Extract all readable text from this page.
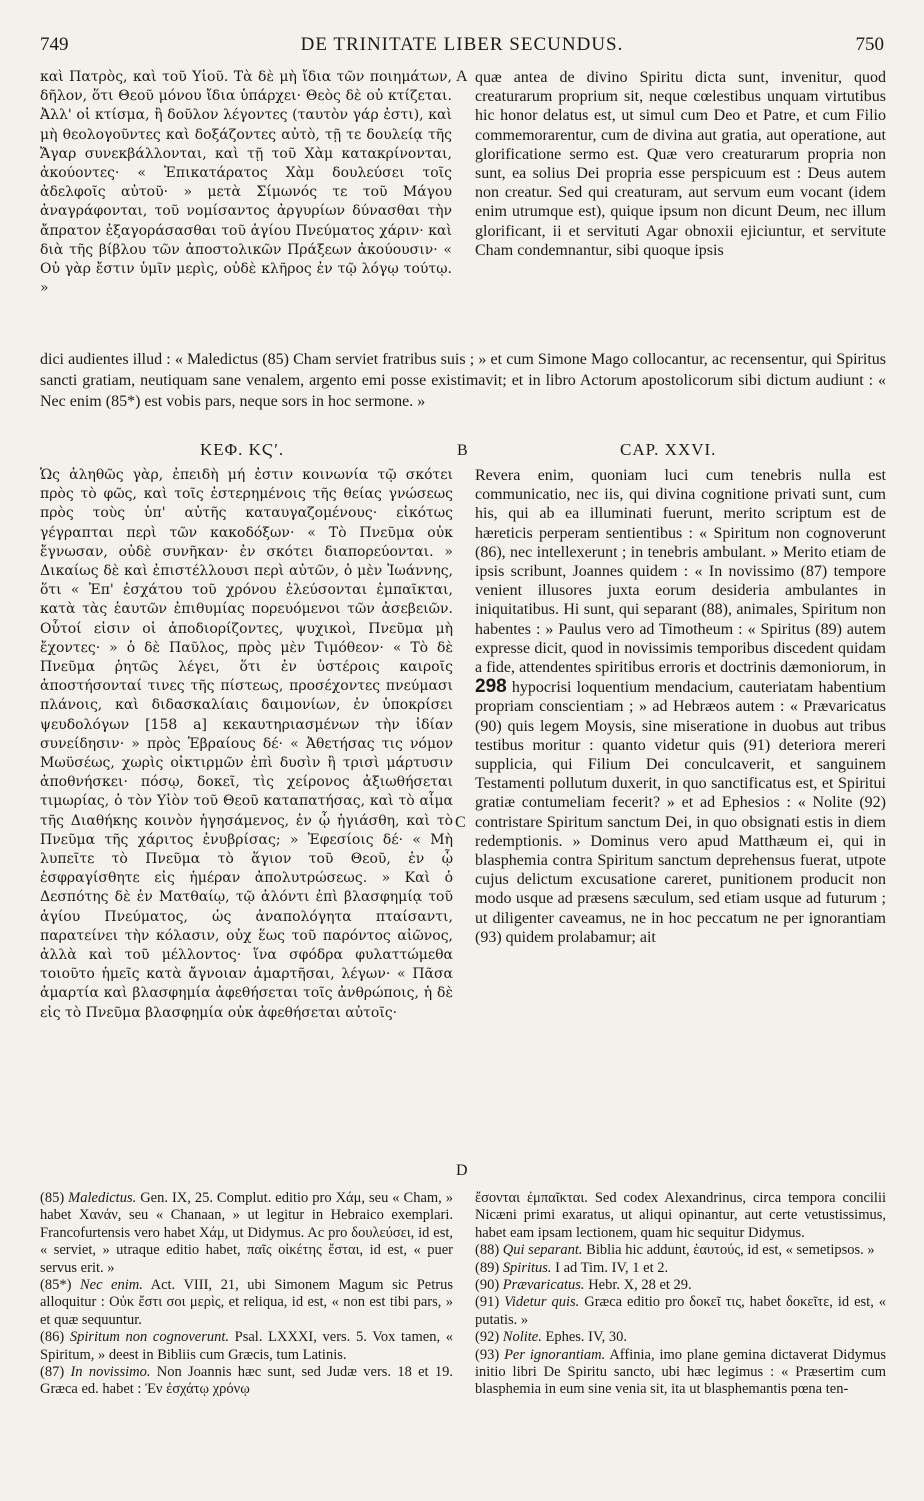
749	DE TRINITATE LIBER SECUNDUS.	750
καὶ Πατρὸς, καὶ τοῦ Υἱοῦ. Τὰ δὲ μὴ ἴδια τῶν ποιημάτων, δῆλον, ὅτι Θεοῦ μόνου ἴδια ὑπάρχει· Θεὸς δὲ οὐ κτίζεται. Ἀλλ' οἱ κτίσμα, ἢ δοῦλον λέγοντες (ταυτὸν γάρ ἐστι), καὶ μὴ θεολογοῦντες καὶ δοξάζοντες αὐτὸ, τῇ τε δουλείᾳ τῆς Ἄγαρ συνεκβάλλονται, καὶ τῇ τοῦ Χὰμ κατακρίνονται, ἀκούοντες· « Ἐπικατάρατος Χὰμ δουλεύσει τοῖς ἀδελφοῖς αὐτοῦ· » μετὰ Σίμωνός τε τοῦ Μάγου ἀναγράφονται, τοῦ νομίσαντος ἀργυρίων δύνασθαι τὴν ἄπρατον ἐξαγοράσασθαι τοῦ ἁγίου Πνεύματος χάριν· καὶ διὰ τῆς βίβλου τῶν ἀποστολικῶν Πράξεων ἀκούουσιν· « Οὐ γὰρ ἔστιν ὑμῖν μερὶς, οὐδὲ κλῆρος ἐν τῷ λόγῳ τούτῳ. »
A quæ antea de divino Spiritu dicta sunt, invenitur, quod creaturarum proprium sit, neque cœlestibus unquam virtutibus hic honor delatus est, ut simul cum Deo et Patre, et cum Filio commemorarentur, cum de divina aut gratia, aut operatione, aut glorificatione sermo est. Quæ vero creaturarum propria non sunt, ea solius Dei propria esse perspicuum est : Deus autem non creatur. Sed qui creaturam, aut servum eum vocant (idem enim utrumque est), quique ipsum non dicunt Deum, nec illum glorificant, ii et servituti Agar obnoxii ejiciuntur, et servitute Cham condemnantur, sibi quoque ipsis
dici audientes illud : « Maledictus (85) Cham serviet fratribus suis ; » et cum Simone Mago collocantur, ac recensentur, qui Spiritus sancti gratiam, neutiquam sane venalem, argento emi posse existimavit; et in libro Actorum apostolicorum sibi dictum audiunt : « Nec enim (85*) est vobis pars, neque sors in hoc sermone. »
ΚΕΦ. ΚϚʹ.	B	CAP. XXVI.
Ὡς ἀληθῶς γὰρ, ἐπειδὴ μή ἐστιν κοινωνία τῷ σκότει πρὸς τὸ φῶς, καὶ τοῖς ἐστερημένοις τῆς θείας γνώσεως πρὸς τοὺς ὑπ' αὐτῆς καταυγαζομένους· εἰκότως γέγραπται περὶ τῶν κακοδόξων· « Τὸ Πνεῦμα οὐκ ἔγνωσαν, οὐδὲ συνῆκαν· ἐν σκότει διαπορεύονται. » Δικαίως δὲ καὶ ἐπιστέλλουσι περὶ αὐτῶν, ὁ μὲν Ἰωάννης, ὅτι « Ἐπ' ἐσχάτου τοῦ χρόνου ἐλεύσονται ἐμπαῖκται, κατὰ τὰς ἑαυτῶν ἐπιθυμίας πορευόμενοι τῶν ἀσεβειῶν. Οὗτοί εἰσιν οἱ ἀποδιορίζοντες, ψυχικοὶ, Πνεῦμα μὴ ἔχοντες· » ὁ δὲ Παῦλος, πρὸς μὲν Τιμόθεον· « Τὸ δὲ Πνεῦμα ῥητῶς λέγει, ὅτι ἐν ὑστέροις καιροῖς ἀποστήσονταί τινες τῆς πίστεως, προσέχοντες πνεύμασι πλάνοις, καὶ διδασκαλίαις δαιμονίων, ἐν ὑποκρίσει ψευδολόγων [158 a] κεκαυτηριασμένων τὴν ἰδίαν συνείδησιν· » πρὸς Ἑβραίους δέ· « Ἀθετήσας τις νόμον Μωϋσέως, χωρὶς οἰκτιρμῶν ἐπὶ δυσὶν ἢ τρισὶ μάρτυσιν ἀποθνήσκει· πόσῳ, δοκεῖ, τὶς χείρονος ἀξιωθήσεται τιμωρίας, ὁ τὸν Υἱὸν τοῦ Θεοῦ καταπατήσας, καὶ τὸ αἷμα τῆς Διαθήκης κοινὸν ἡγησάμενος, ἐν ᾧ ἡγιάσθη, καὶ τὸ Πνεῦμα τῆς χάριτος ἐνυβρίσας; » Ἐφεσίοις δέ· « Μὴ λυπεῖτε τὸ Πνεῦμα τὸ ἅγιον τοῦ Θεοῦ, ἐν ᾧ ἐσφραγίσθητε εἰς ἡμέραν ἀπολυτρώσεως. » Καὶ ὁ Δεσπότης δὲ ἐν Ματθαίῳ, τῷ ἁλόντι ἐπὶ βλασφημίᾳ τοῦ ἁγίου Πνεύματος, ὡς ἀναπολόγητα πταίσαντι, παρατείνει τὴν κόλασιν, οὐχ ἕως τοῦ παρόντος αἰῶνος, ἀλλὰ καὶ τοῦ μέλλοντος· ἵνα σφόδρα φυλαττώμεθα τοιοῦτο ἡμεῖς κατὰ ἄγνοιαν ἁμαρτῆσαι, λέγων· « Πᾶσα ἁμαρτία καὶ βλασφημία ἀφεθήσεται τοῖς ἀνθρώποις, ἡ δὲ εἰς τὸ Πνεῦμα βλασφημία οὐκ ἀφεθήσεται αὐτοῖς·
C
D
Revera enim, quoniam luci cum tenebris nulla est communicatio, nec iis, qui divina cognitione privati sunt, cum his, qui ab ea illuminati fuerunt, merito scriptum est de hæreticis perperam sentientibus : « Spiritum non cognoverunt (86), nec intellexerunt ; in tenebris ambulant. » Merito etiam de ipsis scribunt, Joannes quidem : « In novissimo (87) tempore venient illusores juxta eorum desideria ambulantes in iniquitatibus. Hi sunt, qui separant (88), animales, Spiritum non habentes : » Paulus vero ad Timotheum : « Spiritus (89) autem expresse dicit, quod in novissimis temporibus discedent quidam a fide, attendentes spiritibus erroris et doctrinis dæmoniorum, in 298 hypocrisi loquentium mendacium, cauteriatam habentium propriam conscientiam ; » ad Hebræos autem : « Prævaricatus (90) quis legem Moysis, sine miseratione in duobus aut tribus testibus moritur : quanto videtur quis (91) deteriora mereri supplicia, qui Filium Dei conculcaverit, et sanguinem Testamenti pollutum duxerit, in quo sanctificatus est, et Spiritui gratiæ contumeliam fecerit? » et ad Ephesios : « Nolite (92) contristare Spiritum sanctum Dei, in quo obsignati estis in diem redemptionis. » Dominus vero apud Matthæum ei, qui in blasphemia contra Spiritum sanctum deprehensus fuerat, utpote cujus delictum excusatione careret, punitionem producit non modo usque ad præsens sæculum, sed etiam usque ad futurum ; ut diligenter caveamus, ne in hoc peccatum ne per ignorantiam (93) quidem prolabamur; ait

(85) Maledictus. Gen. IX, 25. Complut. editio pro Χάμ, seu « Cham, » habet Χανάν, seu « Chanaan, » ut legitur in Hebraico exemplari. Francofurtensis vero habet Χάμ, ut Didymus. Ac pro δουλεύσει, id est, « serviet, » utraque editio habet, παῖς οἰκέτης ἔσται, id est, « puer servus erit. »

(85*) Nec enim. Act. VIII, 21, ubi Simonem Magum sic Petrus alloquitur : Οὐκ ἔστι σοι μερὶς, et reliqua, id est, « non est tibi pars, » et quæ sequuntur.

(86) Spiritum non cognoverunt. Psal. LXXXI, vers. 5. Vox tamen, « Spiritum, » deest in Bibliis cum Græcis, tum Latinis.

(87) In novissimo. Non Joannis hæc sunt, sed Judæ vers. 18 et 19. Græca ed. habet : Ἐν ἐσχάτῳ χρόνῳ

ἔσονται ἐμπαῖκται. Sed codex Alexandrinus, circa tempora concilii Nicæni primi exaratus, ut aliqui opinantur, aut certe vetustissimus, habet eam ipsam lectionem, quam hic sequitur Didymus.

(88) Qui separant. Biblia hic addunt, ἑαυτούς, id est, « semetipsos. »

(89) Spiritus. I ad Tim. IV, 1 et 2.

(90) Prævaricatus. Hebr. X, 28 et 29.

(91) Videtur quis. Græca editio pro δοκεῖ τις, habet δοκεῖτε, id est, « putatis. »

(92) Nolite. Ephes. IV, 30.

(93) Per ignorantiam. Affinia, imo plane gemina dictaverat Didymus initio libri De Spiritu sancto, ubi hæc legimus : « Præsertim cum blasphemia in eum sine venia sit, ita ut blasphemantis pœna ten-
